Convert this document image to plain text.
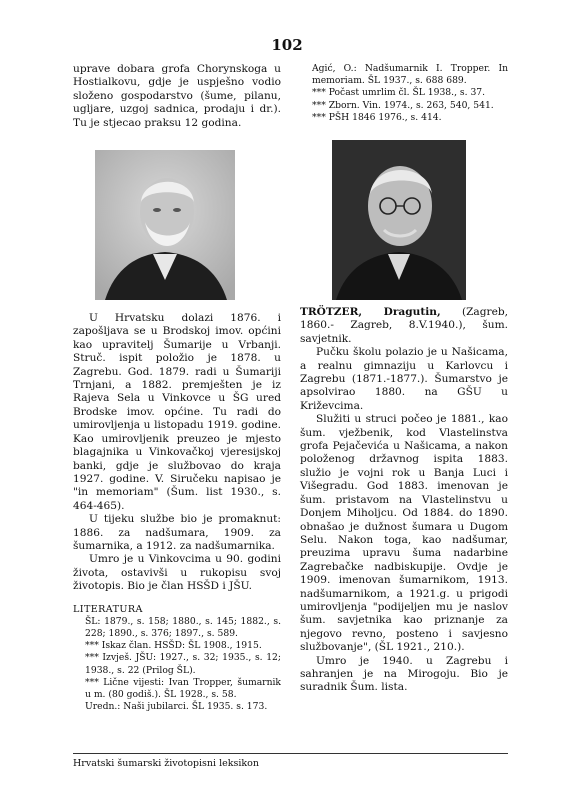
102

uprave dobara grofa Chorynskoga u Hostialkovu, gdje je uspješno vodio složeno gospodarstvo (šume, pilanu, ugljare, uzgoj sadnica, prodaju i dr.). Tu je stjecao praksu 12 godina.

U Hrvatsku dolazi 1876. i zapošljava se u Brodskoj imov. općini kao upravitelj Šumarije u Vrbanji. Struč. ispit položio je 1878. u Zagrebu. God. 1879. radi u Šumariji Trnjani, a 1882. premješten je iz Rajeva Sela u Vinkovce u ŠG ured Brodske imov. općine. Tu radi do umirovljenja u listopadu 1919. godine. Kao umirovljenik preuzeo je mjesto blagajnika u Vinkovačkoj vjeresijskoj banki, gdje je službovao do kraja 1927. godine. V. Siručeku napisao je "in memoriam" (Šum. list 1930., s. 464-465).

U tijeku službe bio je promaknut: 1886. za nadšumara, 1909. za šumarnika, a 1912. za nadšumarnika.

Umro je u Vinkovcima u 90. godini života, ostavivši u rukopisu svoj životopis. Bio je član HSŠD i JŠU.

LITERATURA

ŠL: 1879., s. 158; 1880., s. 145; 1882., s. 228; 1890., s. 376; 1897., s. 589.

*** Iskaz član. HSŠD: ŠL 1908., 1915.

*** Izvješ. JŠU: 1927., s. 32; 1935., s. 12; 1938., s. 22 (Prilog ŠL).

*** Lične vijesti: Ivan Tropper, šumarnik u m. (80 godiš.). ŠL 1928., s. 58.

Uredn.: Naši jubilarci. ŠL 1935. s. 173.

Agić, O.: Nadšumarnik I. Tropper. In memoriam. ŠL 1937., s. 688 689.

*** Počast umrlim čl. ŠL 1938., s. 37.

*** Zborn. Vin. 1974., s. 263, 540, 541.

*** PŠH 1846 1976., s. 414.

TRÖTZER, Dragutin, (Zagreb, 1860.- Zagreb, 8.V.1940.), šum. savjetnik.

Pučku školu polazio je u Našicama, a realnu gimnaziju u Karlovcu i Zagrebu (1871.-1877.). Šumarstvo je apsolvirao 1880. na GŠU u Križevcima.

Služiti u struci počeo je 1881., kao šum. vježbenik, kod Vlastelinstva grofa Pejačevića u Našicama, a nakon položenog državnog ispita 1883. služio je vojni rok u Banja Luci i Višegradu. God 1883. imenovan je šum. pristavom na Vlastelinstvu u Donjem Miholjcu. Od 1884. do 1890. obnašao je dužnost šumara u Dugom Selu. Nakon toga, kao nadšumar, preuzima upravu šuma nadarbine Zagrebačke nadbiskupije. Ovdje je 1909. imenovan šumarnikom, 1913. nadšumarnikom, a 1921.g. u prigodi umirovljenja "podijeljen mu je naslov šum. savjetnika kao priznanje za njegovo revno, posteno i savjesno službovanje", (ŠL 1921., 210.).

Umro je 1940. u Zagrebu i sahranjen je na Mirogoju. Bio je suradnik Šum. lista.

Hrvatski šumarski životopisni leksikon
